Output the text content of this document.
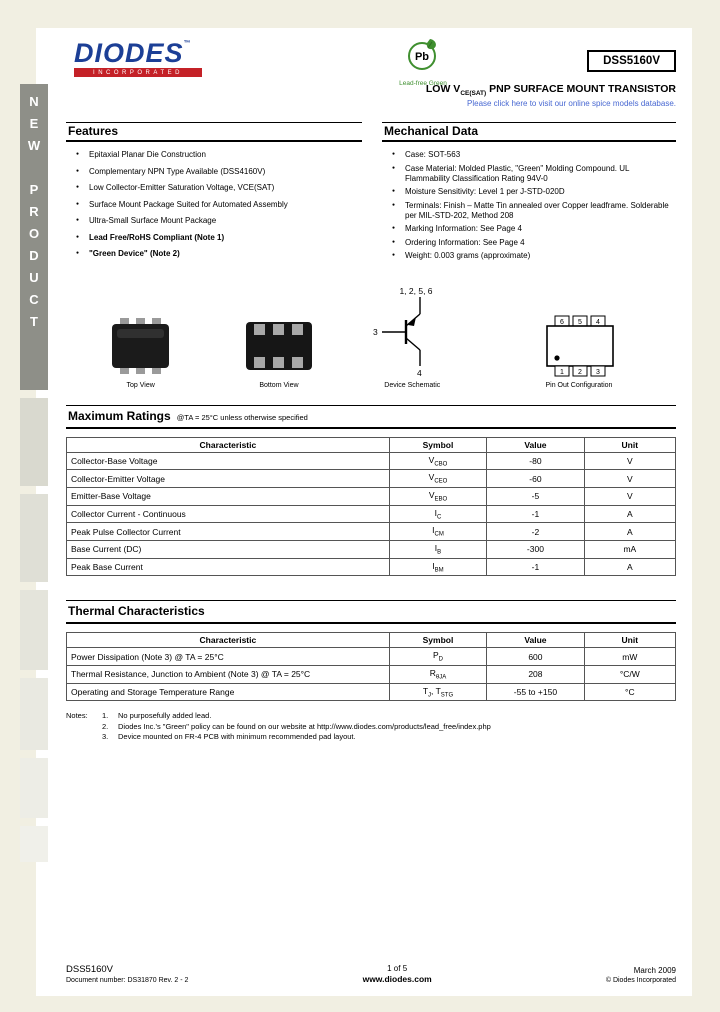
NEW PRODUCT
DIODES™
INCORPORATED
Pb
Lead-free Green
DSS5160V
LOW $V_{CE(SAT)}$ PNP SURFACE MOUNT TRANSISTOR
Please click here to visit our online spice models database.
Features
● Epitaxial Planar Die Construction
● Complementary NPN Type Available (DSS4160V)
● Low Collector-Emitter Saturation Voltage, VCE(SAT)
● Surface Mount Package Suited for Automated Assembly
● Ultra-Small Surface Mount Package
● Lead Free/RoHS Compliant (Note 1)
● "Green Device" (Note 2)
Mechanical Data
● Case: SOT-563
● Case Material: Molded Plastic, "Green" Molding Compound. UL Flammability Classification Rating 94V-0
● Moisture Sensitivity: Level 1 per J-STD-020D
● Terminals: Finish – Matte Tin annealed over Copper leadframe. Solderable per MIL-STD-202, Method 208
● Marking Information: See Page 4
● Ordering Information: See Page 4
● Weight: 0.003 grams (approximate)
Top View	Bottom View
1, 2, 5, 6
3
4
Device Schematic
6 5 4
1 2 3
Pin Out Configuration
Maximum Ratings @TA = 25°C unless otherwise specified
Characteristic	Symbol	Value	Unit
Collector-Base Voltage	$V_{CBO}$	-80	V
Collector-Emitter Voltage	$V_{CEO}$	-60	V
Emitter-Base Voltage	$V_{EBO}$	-5	V
Collector Current - Continuous	$I_C$	-1	A
Peak Pulse Collector Current	$I_{CM}$	-2	A
Base Current (DC)	$I_B$	-300	mA
Peak Base Current	$I_{BM}$	-1	A
Thermal Characteristics
Characteristic	Symbol	Value	Unit
Power Dissipation (Note 3) @ TA = 25°C	$P_D$	600	mW
Thermal Resistance, Junction to Ambient (Note 3) @ TA = 25°C	$R_{\theta JA}$	208	°C/W
Operating and Storage Temperature Range	$T_J$, $T_{STG}$	-55 to +150	°C
Notes:	1.	No purposefully added lead.
2.	Diodes Inc.'s "Green" policy can be found on our website at http://www.diodes.com/products/lead_free/index.php
3.	Device mounted on FR-4 PCB with minimum recommended pad layout.
DSS5160V
Document number: DS31870 Rev. 2 - 2
1 of 5
www.diodes.com
March 2009
© Diodes Incorporated
